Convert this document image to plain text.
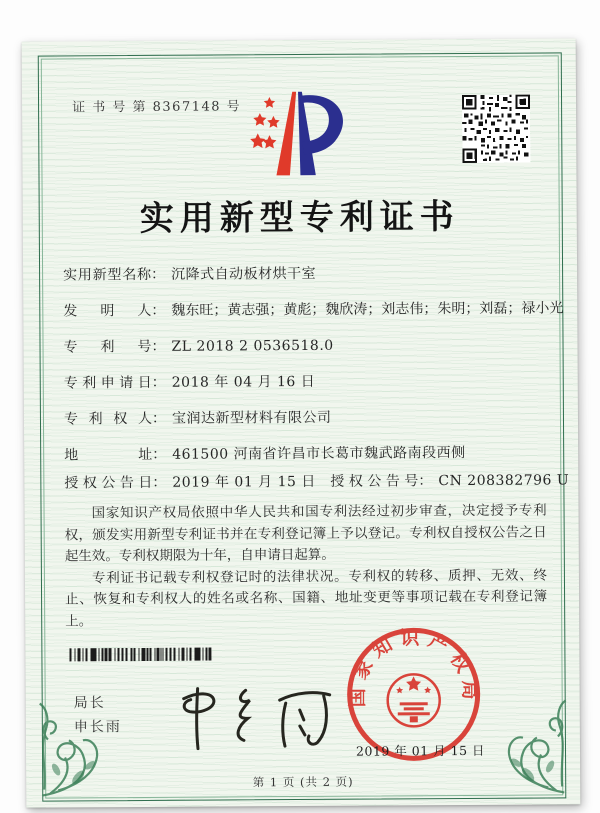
证 书 号 第 8367148 号
实用新型专利证书
实用新型名称： 沉降式自动板材烘干室
发明人： 魏东旺；黄志强；黄彪；魏欣涛；刘志伟；朱明；刘磊；禄小光
专利号： ZL 2018 2 0536518.0
专利申请日： 2018 年 04 月 16 日
专利权人： 宝润达新型材料有限公司
地址： 461500 河南省许昌市长葛市魏武路南段西侧
授权公告日： 2019 年 01 月 15 日 授权公告号： CN 208382796 U

国家知识产权局依照中华人民共和国专利法经过初步审查，决定授予专利权，颁发实用新型专利证书并在专利登记簿上予以登记。专利权自授权公告之日起生效。专利权期限为十年，自申请日起算。

专利证书记载专利权登记时的法律状况。专利权的转移、质押、无效、终止、恢复和专利权人的姓名或名称、国籍、地址变更等事项记载在专利登记簿上。

局长
申长雨
国家知识产权局
2019 年 01 月 15 日
第 1 页 (共 2 页)
